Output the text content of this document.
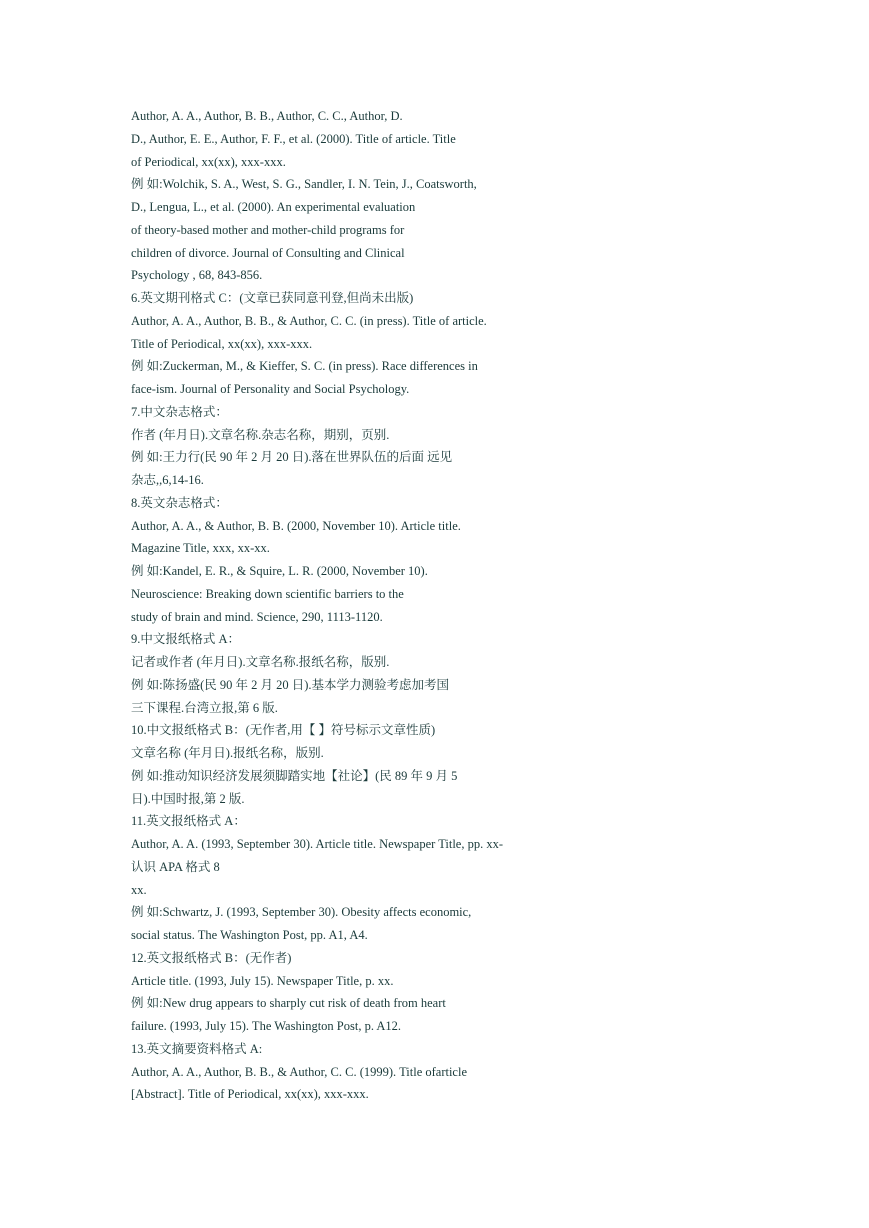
Author, A. A., Author, B. B., Author, C. C., Author, D.
D., Author, E. E., Author, F. F., et al. (2000). Title of article. Title
of Periodical, xx(xx), xxx-xxx.
例 如:Wolchik, S. A., West, S. G., Sandler, I. N. Tein, J., Coatsworth,
D., Lengua, L., et al. (2000). An experimental evaluation
of theory-based mother and mother-child programs for
children of divorce. Journal of Consulting and Clinical
Psychology , 68, 843-856.
6.英文期刊格式 C：(文章已获同意刊登,但尚未出版)
Author, A. A., Author, B. B., & Author, C. C. (in press). Title of article.
Title of Periodical, xx(xx), xxx-xxx.
例 如:Zuckerman, M., & Kieffer, S. C. (in press). Race differences in
face-ism. Journal of Personality and Social Psychology.
7.中文杂志格式：
作者 (年月日).文章名称.杂志名称，期别，页别.
例 如:王力行(民 90 年 2 月 20 日).落在世界队伍的后面 远见
杂志,,6,14-16.
8.英文杂志格式：
Author, A. A., & Author, B. B. (2000, November 10). Article title.
Magazine Title, xxx, xx-xx.
例 如:Kandel, E. R., & Squire, L. R. (2000, November 10).
Neuroscience: Breaking down scientific barriers to the
study of brain and mind. Science, 290, 1113-1120.
9.中文报纸格式 A：
记者或作者 (年月日).文章名称.报纸名称，版别.
例 如:陈扬盛(民 90 年 2 月 20 日).基本学力测验考虑加考国
三下课程.台湾立报,第 6 版.
10.中文报纸格式 B：(无作者,用【 】符号标示文章性质)
文章名称 (年月日).报纸名称，版别.
例 如:推动知识经济发展须脚踏实地【社论】(民 89 年 9 月 5
日).中国时报,第 2 版.
11.英文报纸格式 A：
Author, A. A. (1993, September 30). Article title. Newspaper Title, pp. xx-
认识 APA 格式 8
xx.
例 如:Schwartz, J. (1993, September 30). Obesity affects economic,
social status. The Washington Post, pp. A1, A4.
12.英文报纸格式 B：(无作者)
Article title. (1993, July 15). Newspaper Title, p. xx.
例 如:New drug appears to sharply cut risk of death from heart
failure. (1993, July 15). The Washington Post, p. A12.
13.英文摘要资料格式 A:
Author, A. A., Author, B. B., & Author, C. C. (1999). Title ofarticle
[Abstract]. Title of Periodical, xx(xx), xxx-xxx.
